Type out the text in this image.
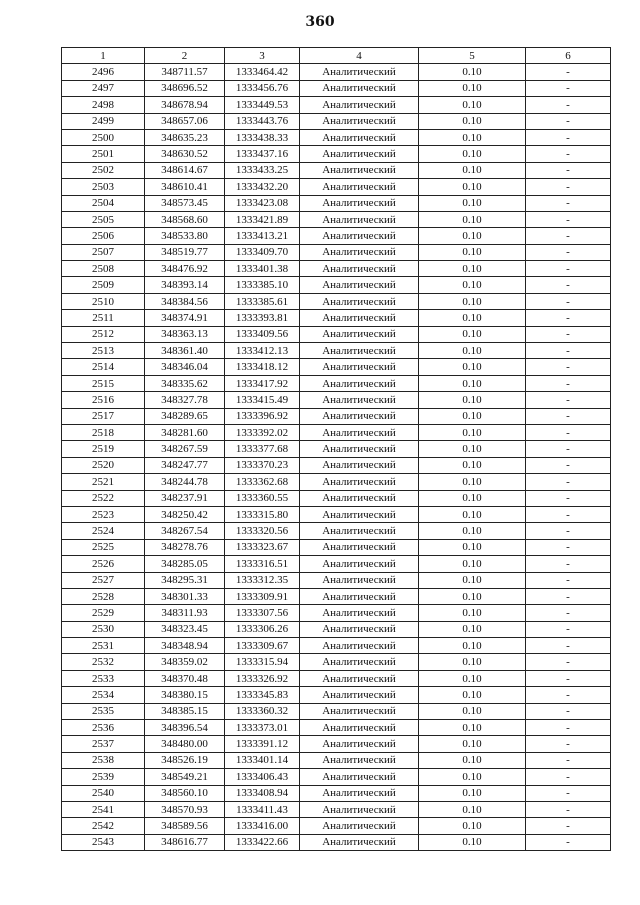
360
1	2	3	4	5	6
2496	348711.57	1333464.42	Аналитический	0.10	-
2497	348696.52	1333456.76	Аналитический	0.10	-
2498	348678.94	1333449.53	Аналитический	0.10	-
2499	348657.06	1333443.76	Аналитический	0.10	-
2500	348635.23	1333438.33	Аналитический	0.10	-
2501	348630.52	1333437.16	Аналитический	0.10	-
2502	348614.67	1333433.25	Аналитический	0.10	-
2503	348610.41	1333432.20	Аналитический	0.10	-
2504	348573.45	1333423.08	Аналитический	0.10	-
2505	348568.60	1333421.89	Аналитический	0.10	-
2506	348533.80	1333413.21	Аналитический	0.10	-
2507	348519.77	1333409.70	Аналитический	0.10	-
2508	348476.92	1333401.38	Аналитический	0.10	-
2509	348393.14	1333385.10	Аналитический	0.10	-
2510	348384.56	1333385.61	Аналитический	0.10	-
2511	348374.91	1333393.81	Аналитический	0.10	-
2512	348363.13	1333409.56	Аналитический	0.10	-
2513	348361.40	1333412.13	Аналитический	0.10	-
2514	348346.04	1333418.12	Аналитический	0.10	-
2515	348335.62	1333417.92	Аналитический	0.10	-
2516	348327.78	1333415.49	Аналитический	0.10	-
2517	348289.65	1333396.92	Аналитический	0.10	-
2518	348281.60	1333392.02	Аналитический	0.10	-
2519	348267.59	1333377.68	Аналитический	0.10	-
2520	348247.77	1333370.23	Аналитический	0.10	-
2521	348244.78	1333362.68	Аналитический	0.10	-
2522	348237.91	1333360.55	Аналитический	0.10	-
2523	348250.42	1333315.80	Аналитический	0.10	-
2524	348267.54	1333320.56	Аналитический	0.10	-
2525	348278.76	1333323.67	Аналитический	0.10	-
2526	348285.05	1333316.51	Аналитический	0.10	-
2527	348295.31	1333312.35	Аналитический	0.10	-
2528	348301.33	1333309.91	Аналитический	0.10	-
2529	348311.93	1333307.56	Аналитический	0.10	-
2530	348323.45	1333306.26	Аналитический	0.10	-
2531	348348.94	1333309.67	Аналитический	0.10	-
2532	348359.02	1333315.94	Аналитический	0.10	-
2533	348370.48	1333326.92	Аналитический	0.10	-
2534	348380.15	1333345.83	Аналитический	0.10	-
2535	348385.15	1333360.32	Аналитический	0.10	-
2536	348396.54	1333373.01	Аналитический	0.10	-
2537	348480.00	1333391.12	Аналитический	0.10	-
2538	348526.19	1333401.14	Аналитический	0.10	-
2539	348549.21	1333406.43	Аналитический	0.10	-
2540	348560.10	1333408.94	Аналитический	0.10	-
2541	348570.93	1333411.43	Аналитический	0.10	-
2542	348589.56	1333416.00	Аналитический	0.10	-
2543	348616.77	1333422.66	Аналитический	0.10	-
